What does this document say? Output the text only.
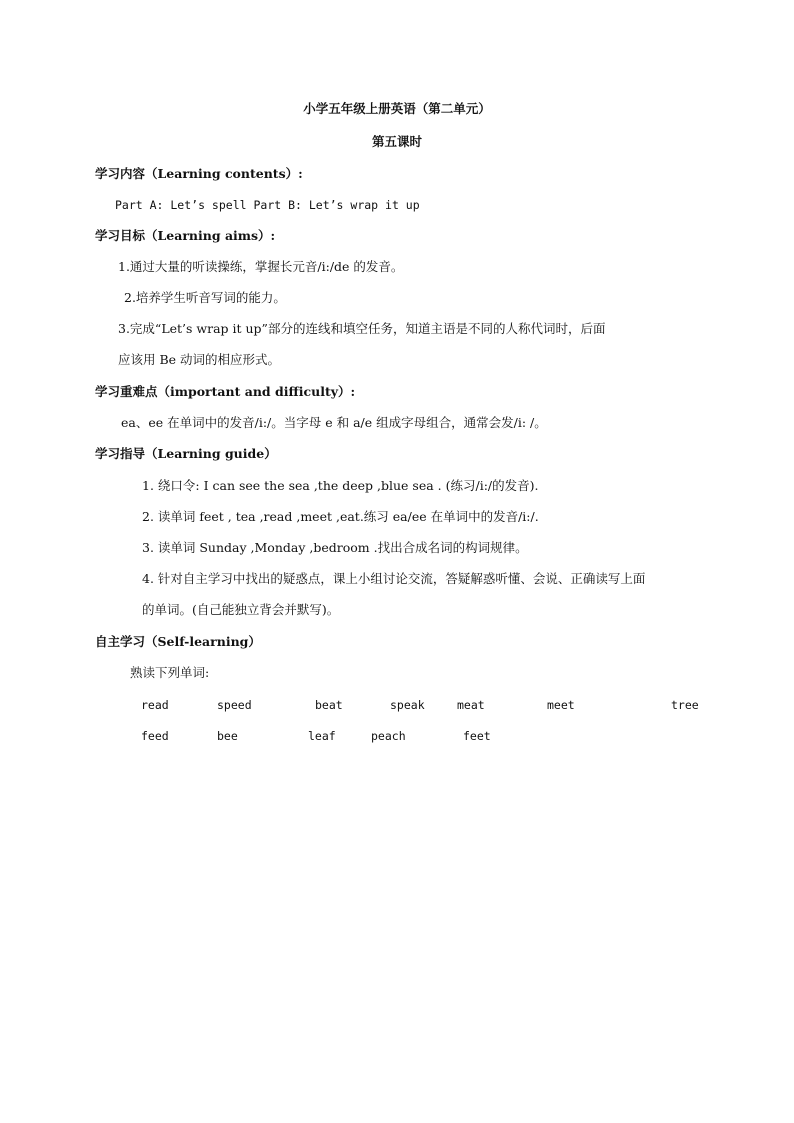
小学五年级上册英语（第二单元）
第五课时
学习内容（Learning contents）:
Part A: Let’s spell Part B: Let’s wrap it up
学习目标（Learning aims）:
1.通过大量的听读操练，掌握长元音/i:/de 的发音。
2.培养学生听音写词的能力。
3.完成“Let’s wrap it up”部分的连线和填空任务，知道主语是不同的人称代词时，后面
应该用 Be 动词的相应形式。
学习重难点（important and difficulty）:
ea、ee 在单词中的发音/i:/。当字母 e 和 a/e 组成字母组合，通常会发/i: /。
学习指导（Learning guide）
1. 绕口令: I can see the sea ,the deep ,blue sea . (练习/i:/的发音).
2. 读单词 feet , tea ,read ,meet ,eat.练习 ea/ee 在单词中的发音/i:/.
3. 读单词 Sunday ,Monday ,bedroom .找出合成名词的构词规律。
4. 针对自主学习中找出的疑惑点，课上小组讨论交流，答疑解惑听懂、会说、正确读写上面
的单词。(自己能独立背会并默写)。
自主学习（Self-learning）
熟读下列单词:
read	speed	beat	speak	meat	meet	tree
feed	bee	leaf	peach	feet
